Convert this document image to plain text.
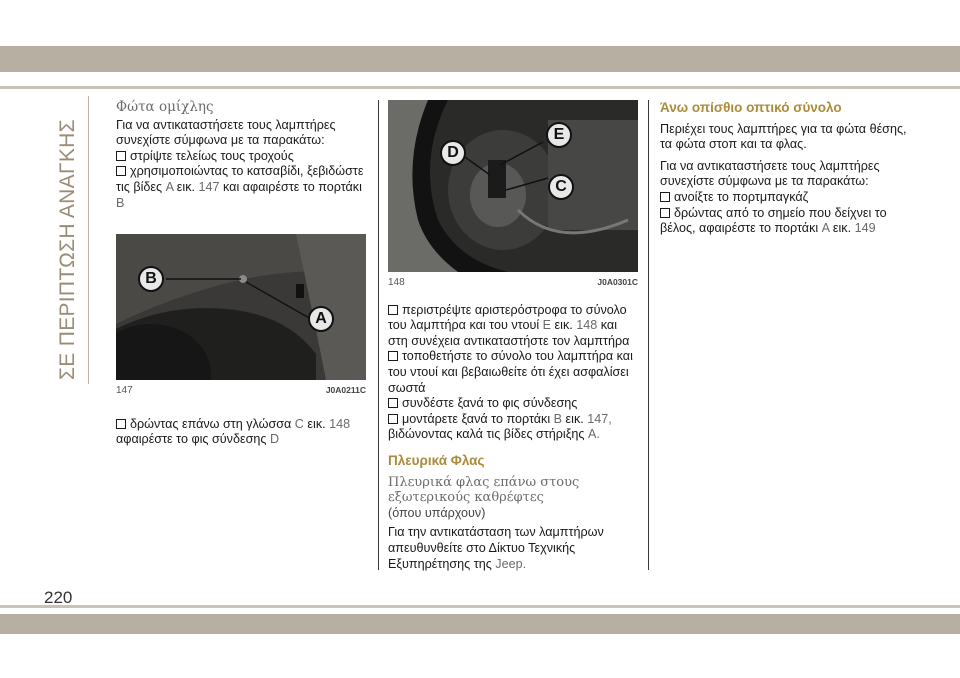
ΣΕ ΠΕΡΙΠΤΩΣΗ ΑΝΑΓΚΗΣ
220

Φώτα ομίχλης

Για να αντικαταστήσετε τους λαμπτήρες συνεχίστε σύμφωνα με τα παρακάτω:

στρίψτε τελείως τους τροχούς

χρησιμοποιώντας το κατσαβίδι, ξεβιδώστε τις βίδες A εικ. 147 και αφαιρέστε το πορτάκι B

B
A
147	J0A0211C

δρώντας επάνω στη γλώσσα C εικ. 148 αφαιρέστε το φις σύνδεσης D

D
E
C
148	J0A0301C

περιστρέψτε αριστερόστροφα το σύνολο του λαμπτήρα και του ντουί E εικ. 148 και στη συνέχεια αντικαταστήστε τον λαμπτήρα

τοποθετήστε το σύνολο του λαμπτήρα και του ντουί και βεβαιωθείτε ότι έχει ασφαλίσει σωστά

συνδέστε ξανά το φις σύνδεσης

μοντάρετε ξανά το πορτάκι B εικ. 147, βιδώνοντας καλά τις βίδες στήριξης A.

Πλευρικά Φλας

Πλευρικά φλας επάνω στους εξωτερικούς καθρέφτες

(όπου υπάρχουν)

Για την αντικατάσταση των λαμπτήρων απευθυνθείτε στο Δίκτυο Τεχνικής Εξυπηρέτησης της Jeep.

Άνω οπίσθιο οπτικό σύνολο

Περιέχει τους λαμπτήρες για τα φώτα θέσης, τα φώτα στοπ και τα φλας.

Για να αντικαταστήσετε τους λαμπτήρες συνεχίστε σύμφωνα με τα παρακάτω:

ανοίξτε το πορτμπαγκάζ

δρώντας από το σημείο που δείχνει το βέλος, αφαιρέστε το πορτάκι A εικ. 149
